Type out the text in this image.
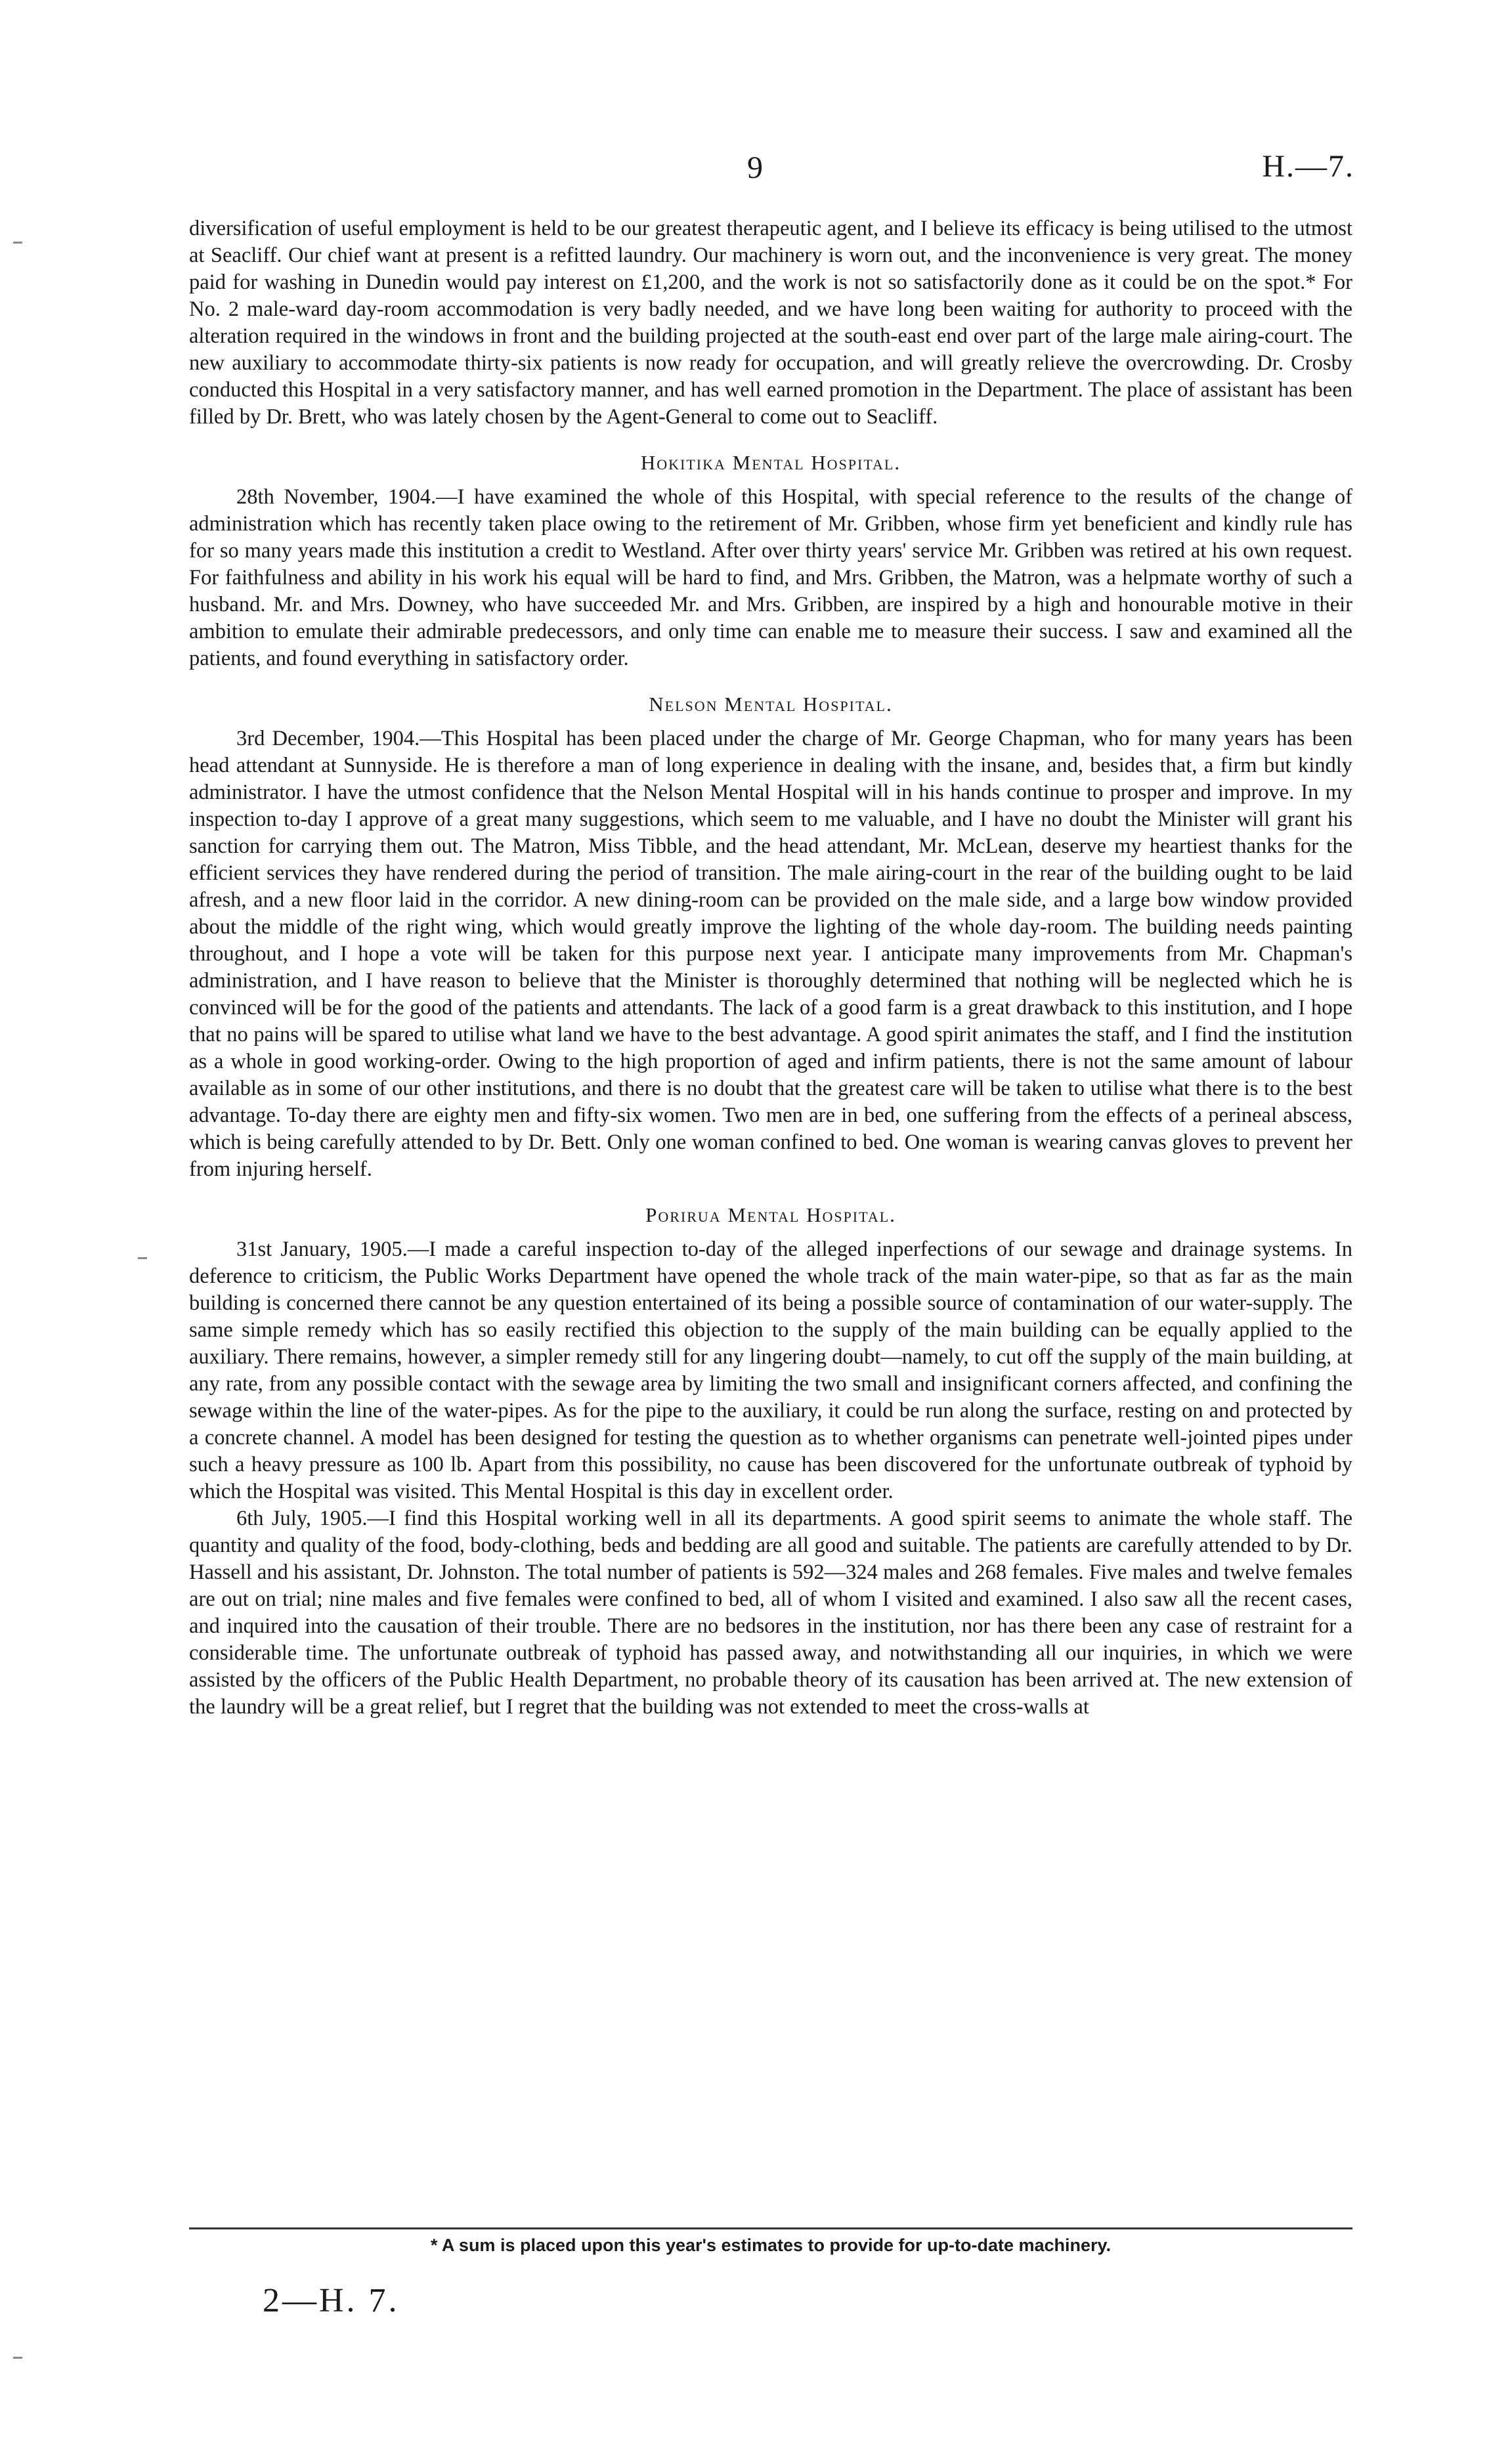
9	H.—7.

diversification of useful employment is held to be our greatest therapeutic agent, and I believe its efficacy is being utilised to the utmost at Seacliff. Our chief want at present is a refitted laundry. Our machinery is worn out, and the inconvenience is very great. The money paid for washing in Dunedin would pay interest on £1,200, and the work is not so satisfactorily done as it could be on the spot.* For No. 2 male-ward day-room accommodation is very badly needed, and we have long been waiting for authority to proceed with the alteration required in the windows in front and the building projected at the south-east end over part of the large male airing-court. The new auxiliary to accommodate thirty-six patients is now ready for occupation, and will greatly relieve the overcrowding. Dr. Crosby conducted this Hospital in a very satisfactory manner, and has well earned promotion in the Department. The place of assistant has been filled by Dr. Brett, who was lately chosen by the Agent-General to come out to Seacliff.

Hokitika Mental Hospital.

28th November, 1904.—I have examined the whole of this Hospital, with special reference to the results of the change of administration which has recently taken place owing to the retirement of Mr. Gribben, whose firm yet beneficient and kindly rule has for so many years made this institution a credit to Westland. After over thirty years' service Mr. Gribben was retired at his own request. For faithfulness and ability in his work his equal will be hard to find, and Mrs. Gribben, the Matron, was a helpmate worthy of such a husband. Mr. and Mrs. Downey, who have succeeded Mr. and Mrs. Gribben, are inspired by a high and honourable motive in their ambition to emulate their admirable predecessors, and only time can enable me to measure their success. I saw and examined all the patients, and found everything in satisfactory order.

Nelson Mental Hospital.

3rd December, 1904.—This Hospital has been placed under the charge of Mr. George Chapman, who for many years has been head attendant at Sunnyside. He is therefore a man of long experience in dealing with the insane, and, besides that, a firm but kindly administrator. I have the utmost confidence that the Nelson Mental Hospital will in his hands continue to prosper and improve. In my inspection to-day I approve of a great many suggestions, which seem to me valuable, and I have no doubt the Minister will grant his sanction for carrying them out. The Matron, Miss Tibble, and the head attendant, Mr. McLean, deserve my heartiest thanks for the efficient services they have rendered during the period of transition. The male airing-court in the rear of the building ought to be laid afresh, and a new floor laid in the corridor. A new dining-room can be provided on the male side, and a large bow window provided about the middle of the right wing, which would greatly improve the lighting of the whole day-room. The building needs painting throughout, and I hope a vote will be taken for this purpose next year. I anticipate many improvements from Mr. Chapman's administration, and I have reason to believe that the Minister is thoroughly determined that nothing will be neglected which he is convinced will be for the good of the patients and attendants. The lack of a good farm is a great drawback to this institution, and I hope that no pains will be spared to utilise what land we have to the best advantage. A good spirit animates the staff, and I find the institution as a whole in good working-order. Owing to the high proportion of aged and infirm patients, there is not the same amount of labour available as in some of our other institutions, and there is no doubt that the greatest care will be taken to utilise what there is to the best advantage. To-day there are eighty men and fifty-six women. Two men are in bed, one suffering from the effects of a perineal abscess, which is being carefully attended to by Dr. Bett. Only one woman confined to bed. One woman is wearing canvas gloves to prevent her from injuring herself.

Porirua Mental Hospital.

31st January, 1905.—I made a careful inspection to-day of the alleged inperfections of our sewage and drainage systems. In deference to criticism, the Public Works Department have opened the whole track of the main water-pipe, so that as far as the main building is concerned there cannot be any question entertained of its being a possible source of contamination of our water-supply. The same simple remedy which has so easily rectified this objection to the supply of the main building can be equally applied to the auxiliary. There remains, however, a simpler remedy still for any lingering doubt—namely, to cut off the supply of the main building, at any rate, from any possible contact with the sewage area by limiting the two small and insignificant corners affected, and confining the sewage within the line of the water-pipes. As for the pipe to the auxiliary, it could be run along the surface, resting on and protected by a concrete channel. A model has been designed for testing the question as to whether organisms can penetrate well-jointed pipes under such a heavy pressure as 100 lb. Apart from this possibility, no cause has been discovered for the unfortunate outbreak of typhoid by which the Hospital was visited. This Mental Hospital is this day in excellent order.

6th July, 1905.—I find this Hospital working well in all its departments. A good spirit seems to animate the whole staff. The quantity and quality of the food, body-clothing, beds and bedding are all good and suitable. The patients are carefully attended to by Dr. Hassell and his assistant, Dr. Johnston. The total number of patients is 592—324 males and 268 females. Five males and twelve females are out on trial; nine males and five females were confined to bed, all of whom I visited and examined. I also saw all the recent cases, and inquired into the causation of their trouble. There are no bedsores in the institution, nor has there been any case of restraint for a considerable time. The unfortunate outbreak of typhoid has passed away, and notwithstanding all our inquiries, in which we were assisted by the officers of the Public Health Department, no probable theory of its causation has been arrived at. The new extension of the laundry will be a great relief, but I regret that the building was not extended to meet the cross-walls at

* A sum is placed upon this year's estimates to provide for up-to-date machinery.
2—H. 7.
